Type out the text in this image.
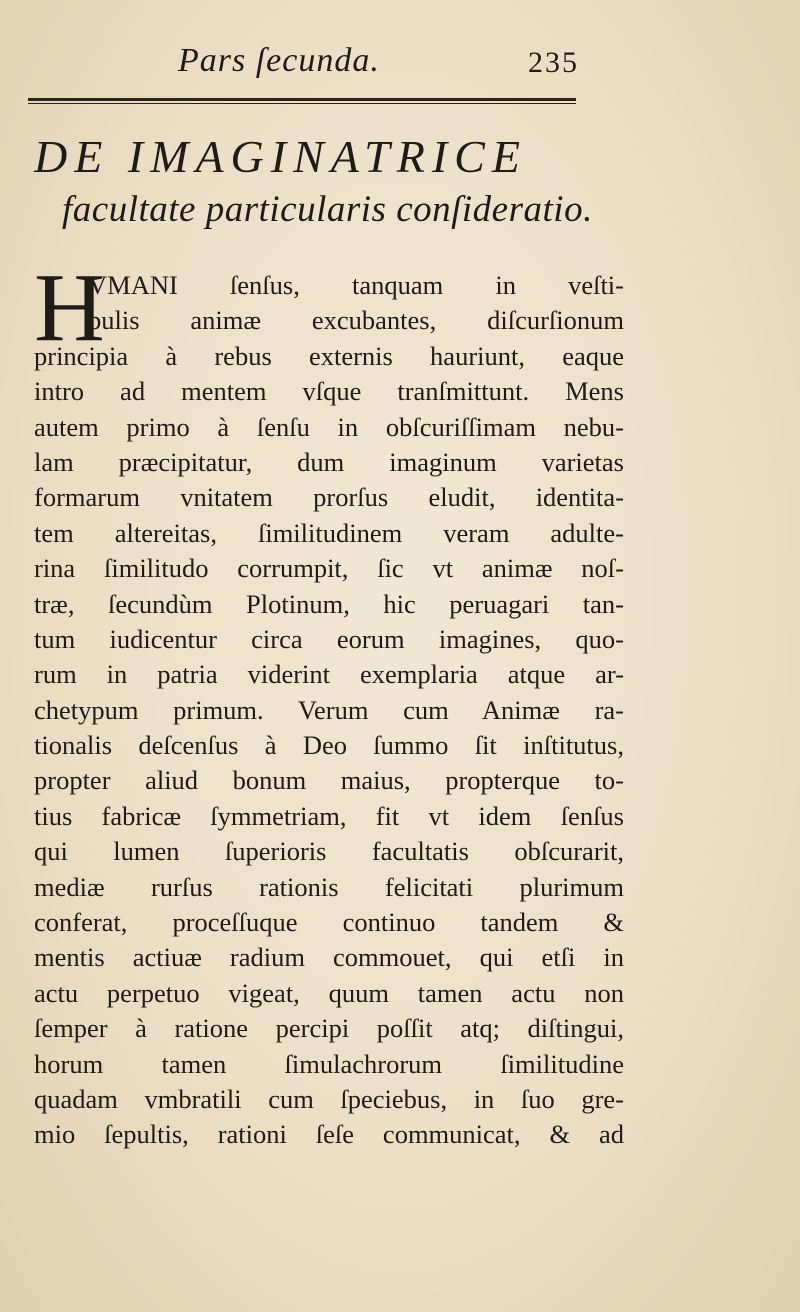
Pars ſecunda.	235
DE IMAGINATRICE
facultate particularis conſideratio.
H
VMANI ſenſus, tanquam in veſti-
bulis animæ excubantes, diſcurſionum
principia à rebus externis hauriunt, eaque
intro ad mentem vſque tranſmittunt. Mens
autem primo à ſenſu in obſcuriſſimam nebu-
lam præcipitatur, dum imaginum varietas
formarum vnitatem prorſus eludit, identita-
tem altereitas, ſimilitudinem veram adulte-
rina ſimilitudo corrumpit, ſic vt animæ noſ-
træ, ſecundùm Plotinum, hic peruagari tan-
tum iudicentur circa eorum imagines, quo-
rum in patria viderint exemplaria atque ar-
chetypum primum. Verum cum Animæ ra-
tionalis deſcenſus à Deo ſummo ſit inſtitutus,
propter aliud bonum maius, propterque to-
tius fabricæ ſymmetriam, fit vt idem ſenſus
qui lumen ſuperioris facultatis obſcurarit,
mediæ rurſus rationis felicitati plurimum
conferat, proceſſuque continuo tandem &
mentis actiuæ radium commouet, qui etſi in
actu perpetuo vigeat, quum tamen actu non
ſemper à ratione percipi poſſit atq; diſtingui,
horum tamen ſimulachrorum ſimilitudine
quadam vmbratili cum ſpeciebus, in ſuo gre-
mio ſepultis, rationi ſeſe communicat, & ad
